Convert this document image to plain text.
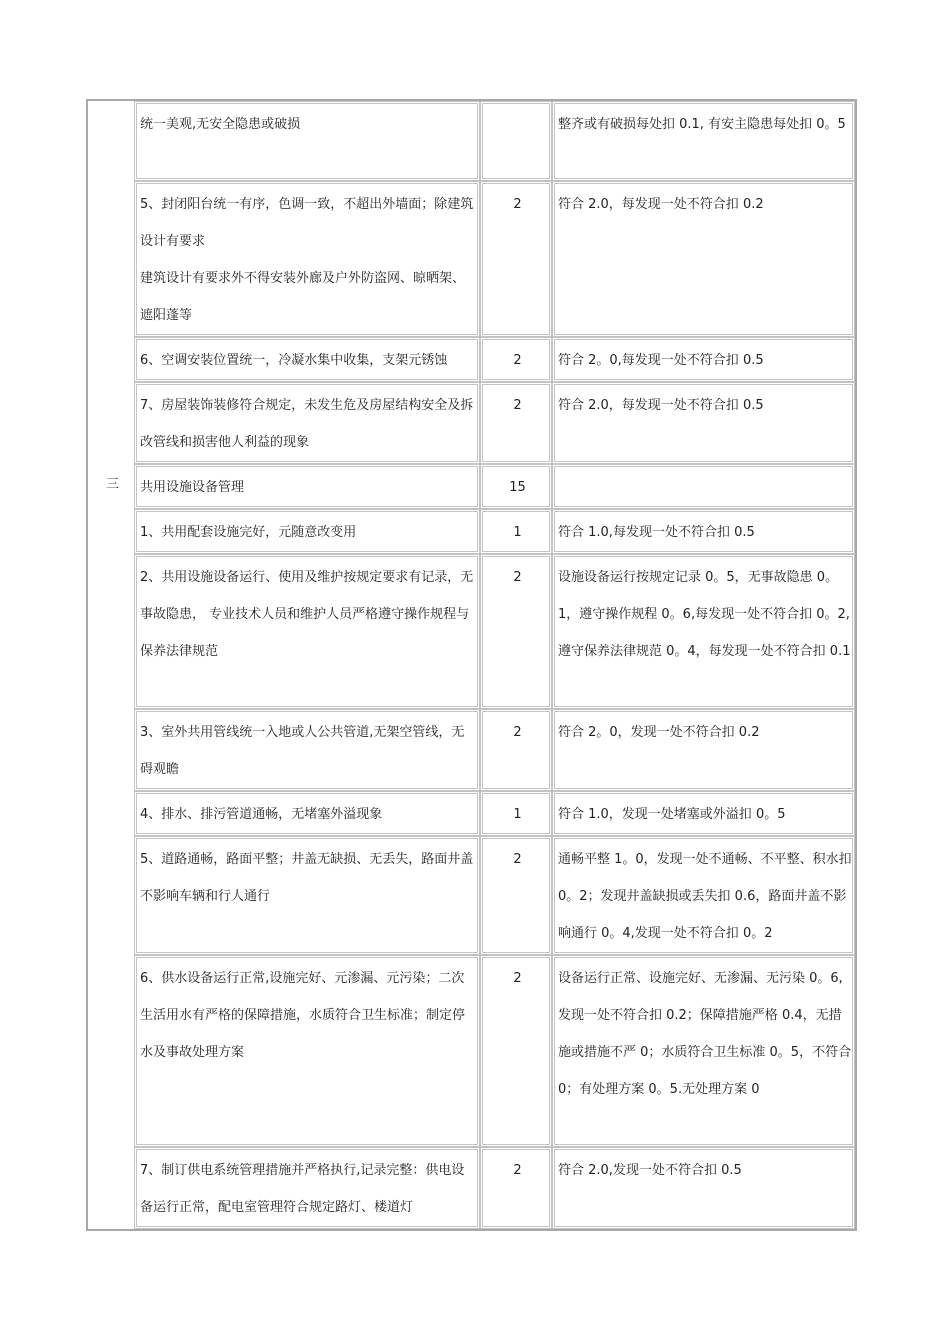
	统一美观,无安全隐患或破损		整齐或有破损每处扣 0.1, 有安主隐患每处扣 0。5
	5、封闭阳台统一有序，色调一致，不超出外墙面；除建筑设计有要求
建筑设计有要求外不得安装外廊及户外防盗网、晾晒架、遮阳蓬等	2	符合 2.0，每发现一处不符合扣 0.2
	6、空调安装位置统一，冷凝水集中收集，支架元锈蚀	2	符合 2。0,每发现一处不符合扣 0.5
	7、房屋装饰装修符合规定，未发生危及房屋结构安全及拆改管线和损害他人利益的现象	2	符合 2.0，每发现一处不符合扣 0.5
三	共用设施设备管理	15	
	1、共用配套设施完好，元随意改变用	1	符合 1.0,每发现一处不符合扣 0.5
	2、共用设施设备运行、使用及维护按规定要求有记录，无事故隐患， 专业技术人员和维护人员严格遵守操作规程与保养法律规范	2	设施设备运行按规定记录 0。5，无事故隐患 0。1，遵守操作规程 0。6,每发现一处不符合扣 0。2,遵守保养法律规范 0。4，每发现一处不符合扣 0.1
	3、室外共用管线统一入地或人公共管道,无架空管线，无碍观瞻	2	符合 2。0，发现一处不符合扣 0.2
	4、排水、排污管道通畅，无堵塞外溢现象	1	符合 1.0，发现一处堵塞或外溢扣 0。5
	5、道路通畅，路面平整；井盖无缺损、无丢失，路面井盖不影响车辆和行人通行	2	通畅平整 1。0，发现一处不通畅、不平整、积水扣 0。2；发现井盖缺损或丢失扣 0.6，路面井盖不影响通行 0。4,发现一处不符合扣 0。2
	6、供水设备运行正常,设施完好、元渗漏、元污染；二次生活用水有严格的保障措施，水质符合卫生标准；制定停水及事故处理方案	2	设备运行正常、设施完好、无渗漏、无污染 0。6,发现一处不符合扣 0.2；保障措施严格 0.4，无措施或措施不严 0；水质符合卫生标准 0。5，不符合 0；有处理方案 0。5.无处理方案 0
	7、制订供电系统管理措施并严格执行,记录完整：供电设备运行正常，配电室管理符合规定路灯、楼道灯	2	符合 2.0,发现一处不符合扣 0.5
